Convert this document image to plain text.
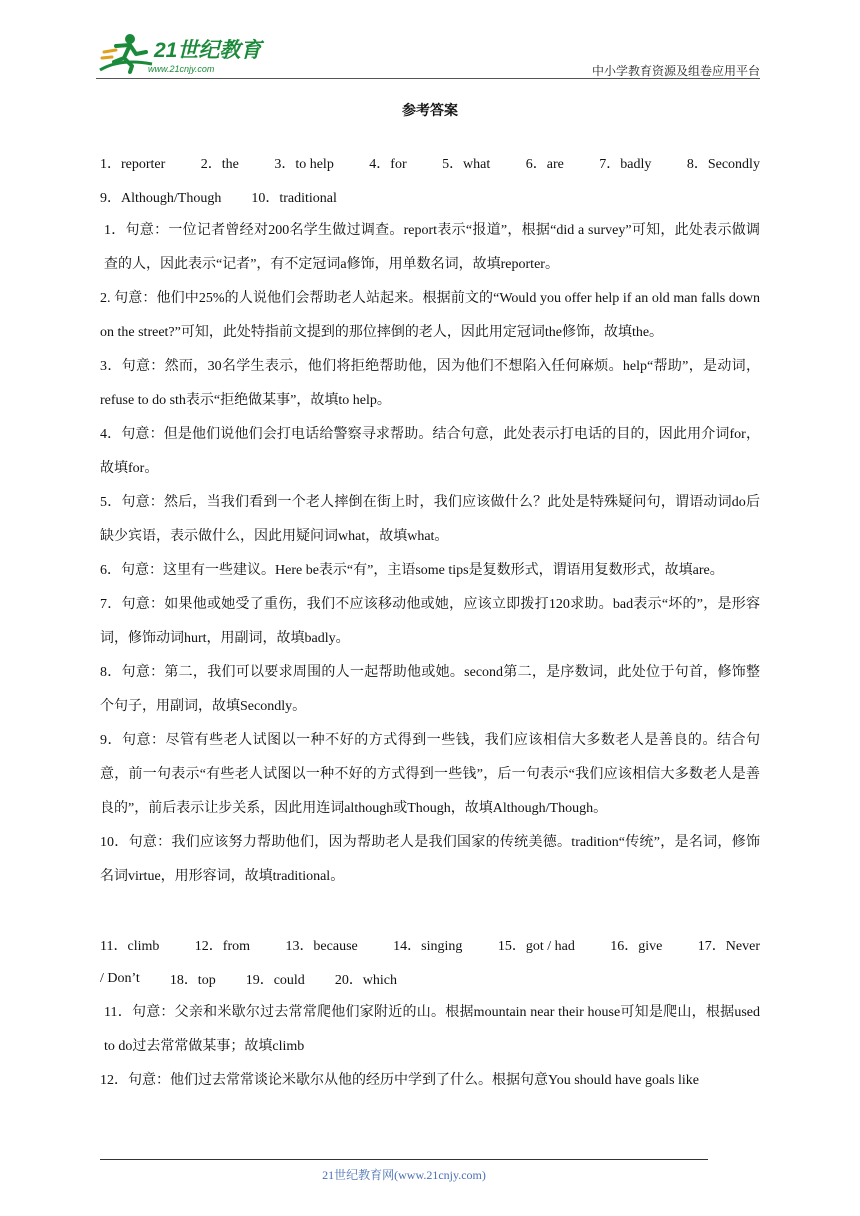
21世纪教育
www.21cnjy.com	中小学教育资源及组卷应用平台
参考答案
1．reporter	2．the	3．to help	4．for	5．what	6．are	7．badly	8．Secondly
9．Although/Though 10．traditional

1．句意：一位记者曾经对200名学生做过调查。report表示“报道”，根据“did a survey”可知，此处表示做调查的人，因此表示“记者”，有不定冠词a修饰，用单数名词，故填reporter。

2. 句意：他们中25%的人说他们会帮助老人站起来。根据前文的“Would you offer help if an old man falls down on the street?”可知，此处特指前文提到的那位摔倒的老人，因此用定冠词the修饰，故填the。

3．句意：然而，30名学生表示，他们将拒绝帮助他，因为他们不想陷入任何麻烦。help“帮助”，是动词，refuse to do sth表示“拒绝做某事”，故填to help。

4．句意：但是他们说他们会打电话给警察寻求帮助。结合句意，此处表示打电话的目的，因此用介词for，故填for。

5．句意：然后，当我们看到一个老人摔倒在街上时，我们应该做什么？此处是特殊疑问句，谓语动词do后缺少宾语，表示做什么，因此用疑问词what，故填what。

6．句意：这里有一些建议。Here be表示“有”，主语some tips是复数形式，谓语用复数形式，故填are。

7．句意：如果他或她受了重伤，我们不应该移动他或她，应该立即拨打120求助。bad表示“坏的”，是形容词，修饰动词hurt，用副词，故填badly。

8．句意：第二，我们可以要求周围的人一起帮助他或她。second第二，是序数词，此处位于句首，修饰整个句子，用副词，故填Secondly。

9．句意：尽管有些老人试图以一种不好的方式得到一些钱，我们应该相信大多数老人是善良的。结合句意，前一句表示“有些老人试图以一种不好的方式得到一些钱”，后一句表示“我们应该相信大多数老人是善良的”，前后表示让步关系，因此用连词although或Though，故填Although/Though。

10．句意：我们应该努力帮助他们，因为帮助老人是我们国家的传统美德。tradition“传统”，是名词，修饰名词virtue，用形容词，故填traditional。

11．climb	12．from	13．because	14．singing	15．got / had	16．give	17．Never
/ Don’t 18．top 19．could 20．which

11．句意：父亲和米歇尔过去常常爬他们家附近的山。根据mountain near their house可知是爬山，根据used to do过去常常做某事；故填climb

12．句意：他们过去常常谈论米歇尔从他的经历中学到了什么。根据句意You should have goals like

21世纪教育网(www.21cnjy.com)
